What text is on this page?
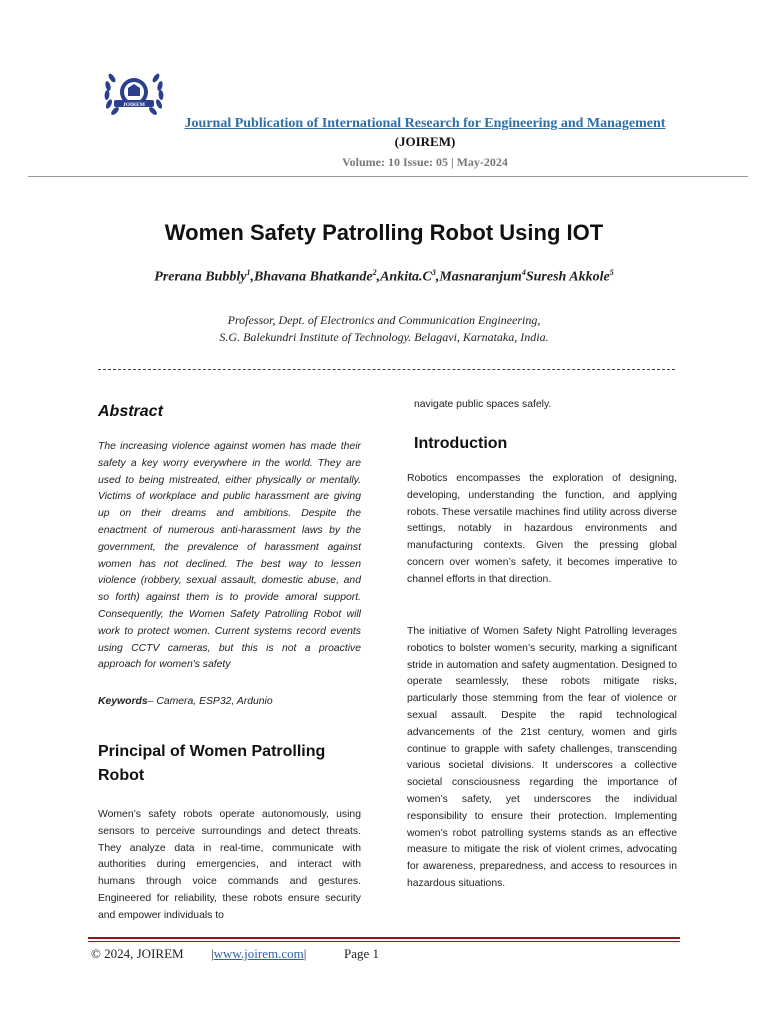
JOIREM
Journal Publication of International Research for Engineering and Management
(JOIREM)
Volume: 10 Issue: 05 | May-2024
Women Safety Patrolling Robot Using IOT
Prerana Bubbly$^1$,Bhavana $Bhatkande^2,Ankita.C^3,Masnaranjum^4Suresh$ Akkole$^5$
Professor, Dept. of Electronics and Communication Engineering,
S.G. Balekundri Institute of Technology. Belagavi, Karnataka, India.
Abstract

The increasing violence against women has made their safety a key worry everywhere in the world. They are used to being mistreated, either physically or mentally. Victims of workplace and public harassment are giving up on their dreams and ambitions. Despite the enactment of numerous anti-harassment laws by the government, the prevalence of harassment against women has not declined. The best way to lessen violence (robbery, sexual assault, domestic abuse, and so forth) against them is to provide amoral support. Consequently, the Women Safety Patrolling Robot will work to protect women. Current systems record events using CCTV cameras, but this is not a proactive approach for women's safety

Keywords– Camera, ESP32, Ardunio
Principal of Women Patrolling Robot

Women’s safety robots operate autonomously, using sensors to perceive surroundings and detect threats. They analyze data in real-time, communicate with authorities during emergencies, and interact with humans through voice commands and gestures. Engineered for reliability, these robots ensure security and empower individuals to

navigate public spaces safely.
Introduction

Robotics encompasses the exploration of designing, developing, understanding the function, and applying robots. These versatile machines find utility across diverse settings, notably in hazardous environments and manufacturing contexts. Given the pressing global concern over women’s safety, it becomes imperative to channel efforts in that direction.

The initiative of Women Safety Night Patrolling leverages robotics to bolster women’s security, marking a significant stride in automation and safety augmentation. Designed to operate seamlessly, these robots mitigate risks, particularly those stemming from the fear of violence or sexual assault. Despite the rapid technological advancements of the 21st century, women and girls continue to grapple with safety challenges, transcending various societal divisions. It underscores a collective societal consciousness regarding the importance of women’s safety, yet underscores the individual responsibility to ensure their protection. Implementing women’s robot patrolling systems stands as an effective measure to mitigate the risk of violent crimes, advocating for awareness, preparedness, and access to resources in hazardous situations.

© 2024, JOIREM |www.joirem.com|	Page 1
